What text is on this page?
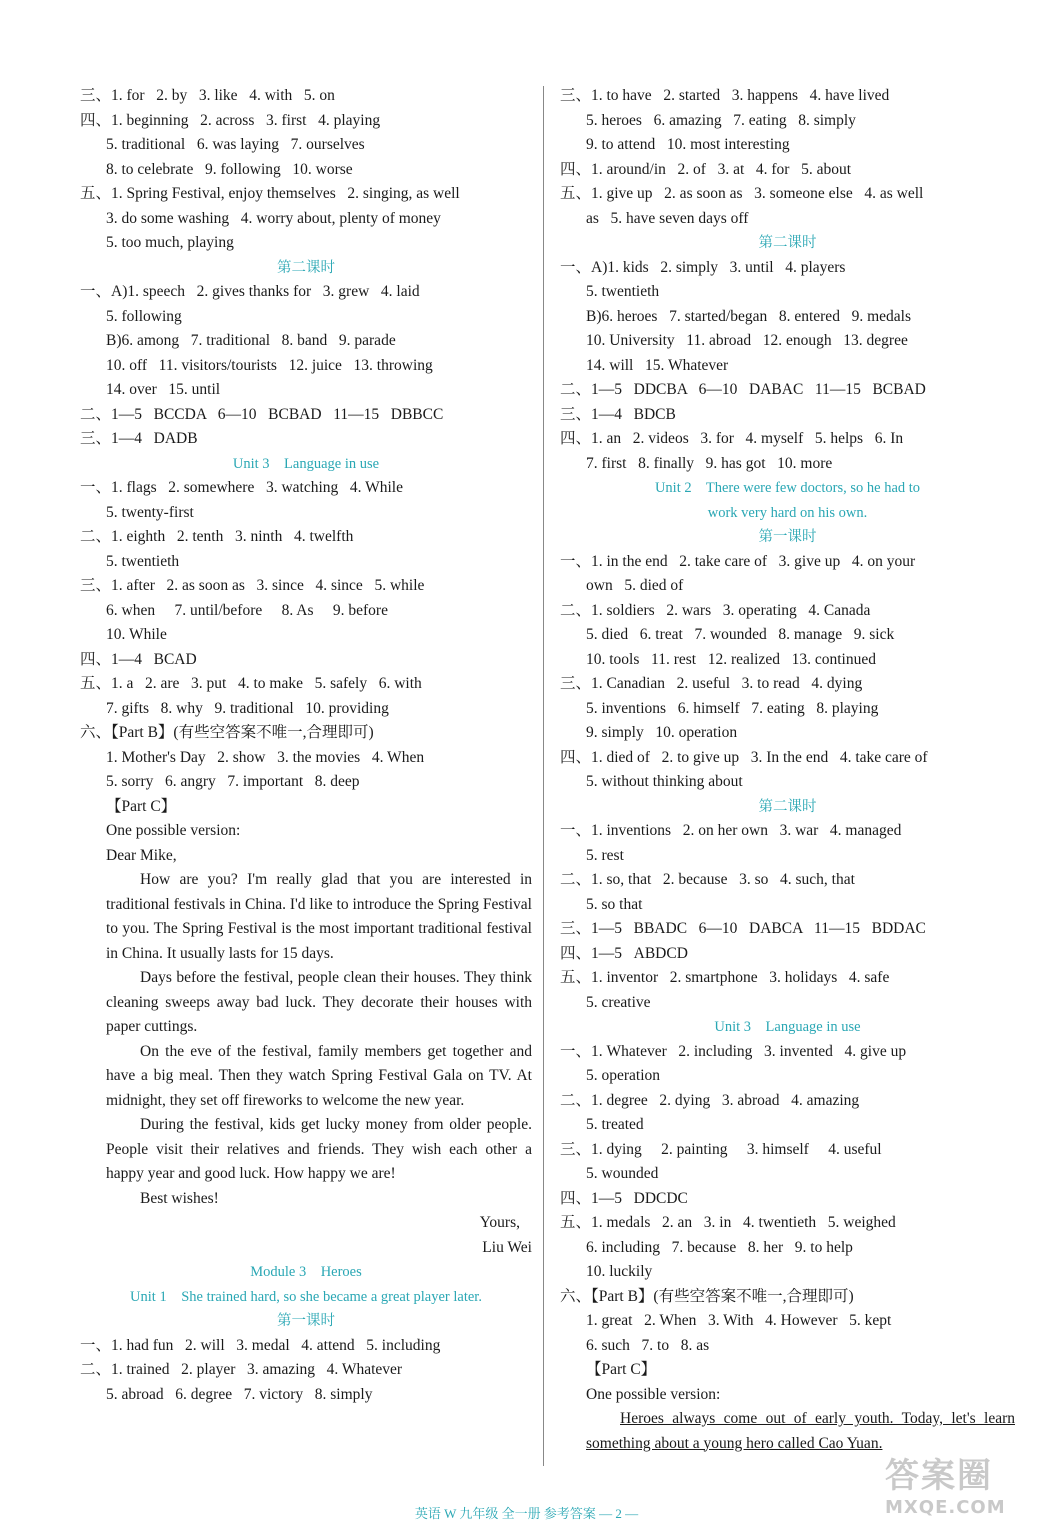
三、1. for   2. by   3. like   4. with   5. on
四、1. beginning   2. across   3. first   4. playing
5. traditional   6. was laying   7. ourselves
8. to celebrate   9. following   10. worse
五、1. Spring Festival, enjoy themselves   2. singing, as well
3. do some washing   4. worry about, plenty of money
5. too much, playing
第二课时
一、A)1. speech   2. gives thanks for   3. grew   4. laid
5. following
B)6. among   7. traditional   8. band   9. parade
10. off   11. visitors/tourists   12. juice   13. throwing
14. over   15. until
二、1—5   BCCDA   6—10   BCBAD   11—15   DBBCC
三、1—4   DADB
Unit 3    Language in use
一、1. flags   2. somewhere   3. watching   4. While
5. twenty-first
二、1. eighth   2. tenth   3. ninth   4. twelfth
5. twentieth
三、1. after   2. as soon as   3. since   4. since   5. while
6. when     7. until/before     8. As     9. before
10. While
四、1—4   BCAD
五、1. a   2. are   3. put   4. to make   5. safely   6. with
7. gifts   8. why   9. traditional   10. providing
六、【Part B】(有些空答案不唯一,合理即可)
1. Mother's Day   2. show   3. the movies   4. When
5. sorry   6. angry   7. important   8. deep
【Part C】
One possible version:
Dear Mike,

How are you? I'm really glad that you are interested in traditional festivals in China. I'd like to introduce the Spring Festival to you. The Spring Festival is the most important traditional festival in China. It usually lasts for 15 days.

Days before the festival, people clean their houses. They think cleaning sweeps away bad luck. They decorate their houses with paper cuttings.

On the eve of the festival, family members get together and have a big meal. Then they watch Spring Festival Gala on TV. At midnight, they set off fireworks to welcome the new year.

During the festival, kids get lucky money from older people. People visit their relatives and friends. They wish each other a happy year and good luck. How happy we are!

Best wishes!
Yours,
Liu Wei
Module 3    Heroes
Unit 1    She trained hard, so she became a great player later.
第一课时
一、1. had fun   2. will   3. medal   4. attend   5. including
二、1. trained   2. player   3. amazing   4. Whatever
5. abroad   6. degree   7. victory   8. simply
三、1. to have   2. started   3. happens   4. have lived
5. heroes   6. amazing   7. eating   8. simply
9. to attend   10. most interesting
四、1. around/in   2. of   3. at   4. for   5. about
五、1. give up   2. as soon as   3. someone else   4. as well
as   5. have seven days off
第二课时
一、A)1. kids   2. simply   3. until   4. players
5. twentieth
B)6. heroes   7. started/began   8. entered   9. medals
10. University   11. abroad   12. enough   13. degree
14. will   15. Whatever
二、1—5   DDCBA   6—10   DABAC   11—15   BCBAD
三、1—4   BDCB
四、1. an   2. videos   3. for   4. myself   5. helps   6. In
7. first   8. finally   9. has got   10. more
Unit 2    There were few doctors, so he had to
work very hard on his own.
第一课时
一、1. in the end   2. take care of   3. give up   4. on your
own   5. died of
二、1. soldiers   2. wars   3. operating   4. Canada
5. died   6. treat   7. wounded   8. manage   9. sick
10. tools   11. rest   12. realized   13. continued
三、1. Canadian   2. useful   3. to read   4. dying
5. inventions   6. himself   7. eating   8. playing
9. simply   10. operation
四、1. died of   2. to give up   3. In the end   4. take care of
5. without thinking about
第二课时
一、1. inventions   2. on her own   3. war   4. managed
5. rest
二、1. so, that   2. because   3. so   4. such, that
5. so that
三、1—5   BBADC   6—10   DABCA   11—15   BDDAC
四、1—5   ABDCD
五、1. inventor   2. smartphone   3. holidays   4. safe
5. creative
Unit 3    Language in use
一、1. Whatever   2. including   3. invented   4. give up
5. operation
二、1. degree   2. dying   3. abroad   4. amazing
5. treated
三、1. dying     2. painting     3. himself     4. useful
5. wounded
四、1—5   DDCDC
五、1. medals   2. an   3. in   4. twentieth   5. weighed
6. including   7. because   8. her   9. to help
10. luckily
六、【Part B】(有些空答案不唯一,合理即可)
1. great   2. When   3. With   4. However   5. kept
6. such   7. to   8. as
【Part C】
One possible version:

Heroes always come out of early youth. Today, let's learn something about a young hero called Cao Yuan.

英语 W 九年级 全一册 参考答案 — 2 —
答案圈
MXQE.COM
